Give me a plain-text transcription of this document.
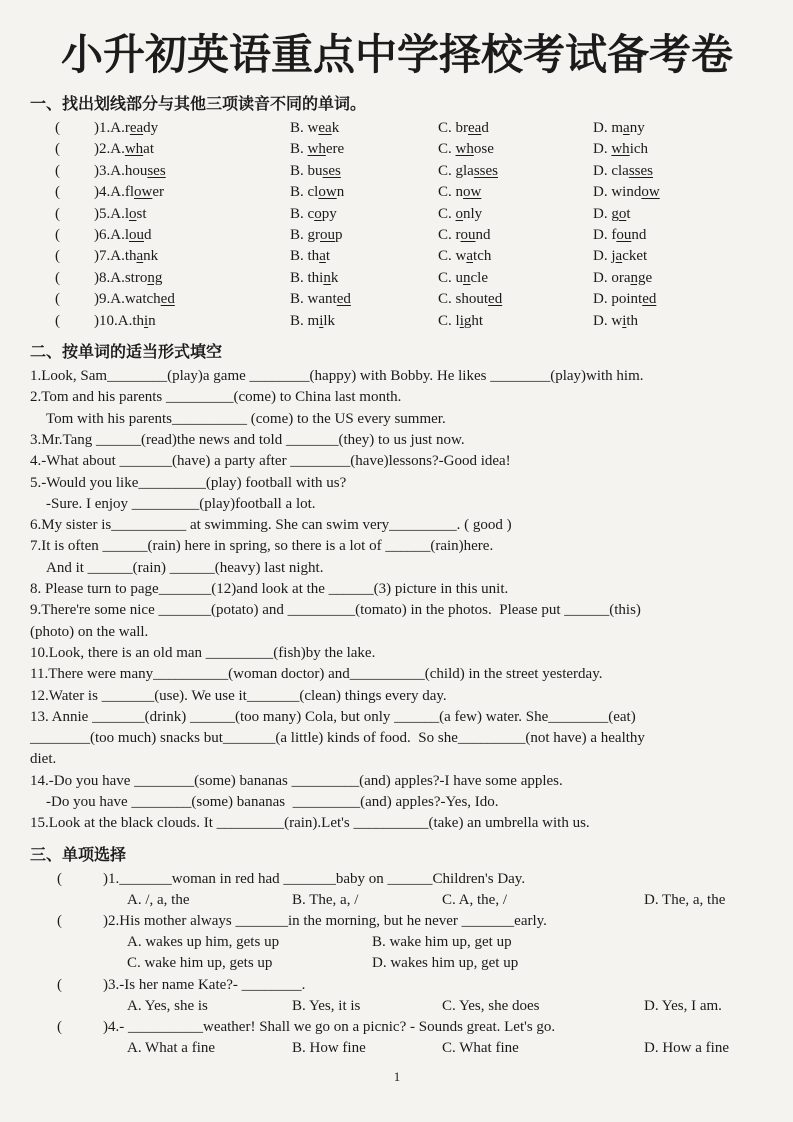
小升初英语重点中学择校考试备考卷
一、找出划线部分与其他三项读音不同的单词。
(	)1.A.ready	B. weak	C. bread	D. many
(	)2.A.what	B. where	C. whose	D. which
(	)3.A.houses	B. buses	C. glasses	D. classes
(	)4.A.flower	B. clown	C. now	D. window
(	)5.A.lost	B. copy	C. only	D. got
(	)6.A.loud	B. group	C. round	D. found
(	)7.A.thank	B. that	C. watch	D. jacket
(	)8.A.strong	B. think	C. uncle	D. orange
(	)9.A.watched	B. wanted	C. shouted	D. pointed
(	)10.A.thin	B. milk	C. light	D. with
二、按单词的适当形式填空
1.Look, Sam________(play)a game ________(happy) with Bobby. He likes ________(play)with him.
2.Tom and his parents _________(come) to China last month.
Tom with his parents__________ (come) to the US every summer.
3.Mr.Tang ______(read)the news and told _______(they) to us just now.
4.-What about _______(have) a party after ________(have)lessons?-Good idea!
5.-Would you like_________(play) football with us?
-Sure. I enjoy _________(play)football a lot.
6.My sister is__________ at swimming. She can swim very_________. ( good )
7.It is often ______(rain) here in spring, so there is a lot of ______(rain)here.
And it ______(rain) ______(heavy) last night.
8. Please turn to page_______(12)and look at the ______(3) picture in this unit.
9.There're some nice _______(potato) and _________(tomato) in the photos.  Please put ______(this)
(photo) on the wall.
10.Look, there is an old man _________(fish)by the lake.
11.There were many__________(woman doctor) and__________(child) in the street yesterday.
12.Water is _______(use). We use it_______(clean) things every day.
13. Annie _______(drink) ______(too many) Cola, but only ______(a few) water. She________(eat)
________(too much) snacks but_______(a little) kinds of food.  So she_________(not have) a healthy
diet.
14.-Do you have ________(some) bananas _________(and) apples?-I have some apples.
-Do you have ________(some) bananas  _________(and) apples?-Yes, Ido.
15.Look at the black clouds. It _________(rain).Let's __________(take) an umbrella with us.
三、单项选择
(	)1._______woman in red had _______baby on ______Children's Day.
A. /, a, the	B. The, a, /	C. A, the, /	D. The, a, the
(	)2.His mother always _______in the morning, but he never _______early.
A. wakes up him, gets up	B. wake him up, get up
C. wake him up, gets up	D. wakes him up, get up
(	)3.-Is her name Kate?- ________.
A. Yes, she is	B. Yes, it is	C. Yes, she does	D. Yes, I am.
(	)4.- __________weather! Shall we go on a picnic? - Sounds great. Let's go.
A. What a fine	B. How fine	C. What fine	D. How a fine
1
